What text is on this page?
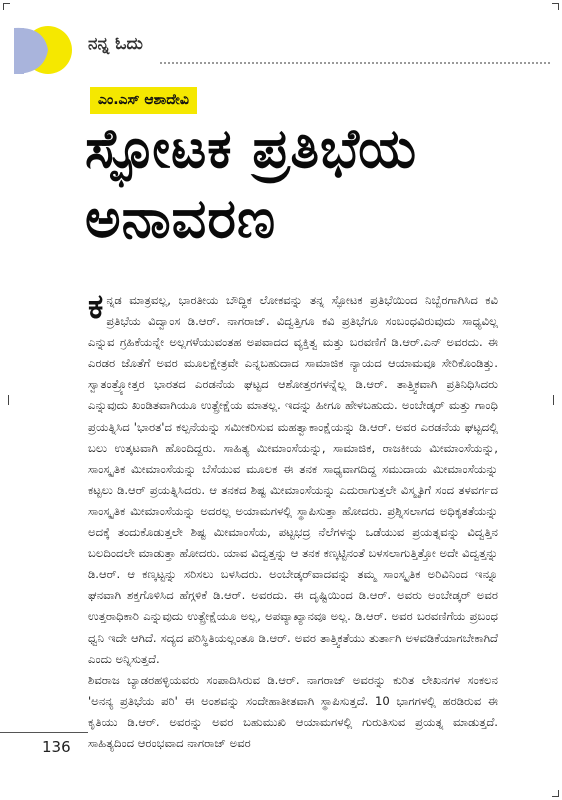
ನನ್ನ ಓದು
ಎಂ.ಎಸ್ ಆಶಾದೇವಿ
ಸ್ಫೋಟಕ ಪ್ರತಿಭೆಯ
ಅನಾವರಣ

ಕನ್ನಡ ಮಾತ್ರವಲ್ಲ, ಭಾರತೀಯ ಬೌದ್ಧಿಕ ಲೋಕವನ್ನು ತನ್ನ ಸ್ಫೋಟಕ ಪ್ರತಿಭೆಯಿಂದ ನಿಬ್ಬೆರಗಾಗಿಸಿದ ಕವಿ ಪ್ರತಿಭೆಯ ವಿದ್ವಾಂಸ ಡಿ.ಆರ್. ನಾಗರಾಜ್. ವಿದ್ವತ್ತಿಗೂ ಕವಿ ಪ್ರತಿಭೆಗೂ ಸಂಬಂಧವಿರುವುದು ಸಾಧ್ಯವಿಲ್ಲ ಎನ್ನುವ ಗ್ರಹಿಕೆಯನ್ನೇ ಅಲ್ಲಗಳೆಯುವಂತಹ ಅಪವಾದದ ವ್ಯಕ್ತಿತ್ವ ಮತ್ತು ಬರವಣಿಗೆ ಡಿ.ಆರ್.ಎನ್ ಅವರದು. ಈ ಎರಡರ ಜೊತೆಗೆ ಅವರ ಮೂಲಕ್ಷೇತ್ರವೇ ಎನ್ನಬಹುದಾದ ಸಾಮಾಜಿಕ ನ್ಯಾಯದ ಆಯಾಮವೂ ಸೇರಿಕೊಂಡಿತ್ತು. ಸ್ವಾತಂತ್ರ್ಯೋತ್ತರ ಭಾರತದ ಎರಡನೆಯ ಘಟ್ಟದ ಆಶೋತ್ತರಗಳನ್ನೆಲ್ಲ ಡಿ.ಆರ್. ತಾತ್ತ್ವಿಕವಾಗಿ ಪ್ರತಿನಿಧಿಸಿದರು ಎನ್ನುವುದು ಖಂಡಿತವಾಗಿಯೂ ಉತ್ಪ್ರೇಕ್ಷೆಯ ಮಾತಲ್ಲ. ಇದನ್ನು ಹೀಗೂ ಹೇಳಬಹುದು. ಅಂಬೇಡ್ಕರ್ ಮತ್ತು ಗಾಂಧಿ ಪ್ರಯತ್ನಿಸಿದ 'ಭಾರತ'ದ ಕಲ್ಪನೆಯನ್ನು ಸಮೀಕರಿಸುವ ಮಹತ್ವಾಕಾಂಕ್ಷೆಯನ್ನು ಡಿ.ಆರ್. ಅವರ ಎರಡನೆಯ ಘಟ್ಟದಲ್ಲಿ ಬಲು ಉತ್ಕಟವಾಗಿ ಹೊಂದಿದ್ದರು. ಸಾಹಿತ್ಯ ಮೀಮಾಂಸೆಯನ್ನು, ಸಾಮಾಜಿಕ, ರಾಜಕೀಯ ಮೀಮಾಂಸೆಯನ್ನು, ಸಾಂಸ್ಕೃತಿಕ ಮೀಮಾಂಸೆಯನ್ನು ಬೆಸೆಯುವ ಮೂಲಕ ಈ ತನಕ ಸಾಧ್ಯವಾಗದಿದ್ದ ಸಮುದಾಯ ಮೀಮಾಂಸೆಯನ್ನು ಕಟ್ಟಲು ಡಿ.ಆರ್ ಪ್ರಯತ್ನಿಸಿದರು. ಆ ತನಕದ ಶಿಷ್ಟ ಮೀಮಾಂಸೆಯನ್ನು ಎದುರಾಗುತ್ತಲೇ ವಿಸ್ಮೃತಿಗೆ ಸಂದ ತಳವರ್ಗದ ಸಾಂಸ್ಕೃತಿಕ ಮೀಮಾಂಸೆಯನ್ನು ಅದರಲ್ಲ ಅಯಾಮಗಳಲ್ಲಿ ಸ್ಥಾಪಿಸುತ್ತಾ ಹೋದರು. ಪ್ರಶ್ನಿಸಲಾಗದ ಅಧಿಕೃತತೆಯನ್ನು ಅದಕ್ಕೆ ತಂದುಕೊಡುತ್ತಲೇ ಶಿಷ್ಟ ಮೀಮಾಂಸೆಯ, ಪಟ್ಟಭದ್ರ ನೆಲೆಗಳನ್ನು ಒಡೆಯುವ ಪ್ರಯತ್ನವನ್ನು ವಿದ್ವತ್ತಿನ ಬಲದಿಂದಲೇ ಮಾಡುತ್ತಾ ಹೋದರು. ಯಾವ ವಿದ್ವತ್ತನ್ನು ಆ ತನಕ ಕಣ್ಕಟ್ಟಿನಂತೆ ಬಳಸಲಾಗುತ್ತಿತ್ತೋ ಅದೇ ವಿದ್ವತ್ತನ್ನು ಡಿ.ಆರ್. ಆ ಕಣ್ಕಟ್ಟನ್ನು ಸರಿಸಲು ಬಳಸಿದರು. ಅಂಬೇಡ್ಕರ್‌ವಾದವನ್ನು ತಮ್ಮ ಸಾಂಸ್ಕೃತಿಕ ಅರಿವಿನಿಂದ ಇನ್ನೂ ಘನವಾಗಿ ಶಕ್ತಗೊಳಿಸಿದ ಹೆಗ್ಗಳಿಕೆ ಡಿ.ಆರ್. ಅವರದು. ಈ ದೃಷ್ಟಿಯಿಂದ ಡಿ.ಆರ್. ಅವರು ಅಂಬೇಡ್ಕರ್ ಅವರ ಉತ್ತರಾಧಿಕಾರಿ ಎನ್ನುವುದು ಉತ್ಪ್ರೇಕ್ಷೆಯೂ ಅಲ್ಲ, ಅಪವ್ಯಾಖ್ಯಾನವೂ ಅಲ್ಲ. ಡಿ.ಆರ್. ಅವರ ಬರವಣಿಗೆಯ ಪ್ರಬಂಧ ಧ್ವನಿ ಇದೇ ಆಗಿದೆ. ಸದ್ಯದ ಪರಿಸ್ಥಿತಿಯಲ್ಲಂತೂ ಡಿ.ಆರ್. ಅವರ ತಾತ್ತ್ವಿಕತೆಯು ತುರ್ತಾಗಿ ಅಳವಡಿಕೆಯಾಗಬೇಕಾಗಿದೆ ಎಂದು ಅನ್ನಿಸುತ್ತದೆ.

ಶಿವರಾಜ ಬ್ಯಾಡರಹಳ್ಳಿಯವರು ಸಂಪಾದಿಸಿರುವ ಡಿ.ಆರ್. ನಾಗರಾಜ್ ಅವರನ್ನು ಕುರಿತ ಲೇಖನಗಳ ಸಂಕಲನ 'ಅನನ್ಯ ಪ್ರತಿಭೆಯ ಪರಿ' ಈ ಅಂಶವನ್ನು ಸಂದೇಹಾತೀತವಾಗಿ ಸ್ಥಾಪಿಸುತ್ತದೆ. 10 ಭಾಗಗಳಲ್ಲಿ ಹರಡಿರುವ ಈ ಕೃತಿಯು ಡಿ.ಆರ್. ಅವರನ್ನು ಅವರ ಬಹುಮುಖಿ ಆಯಾಮಗಳಲ್ಲಿ ಗುರುತಿಸುವ ಪ್ರಯತ್ನ ಮಾಡುತ್ತದೆ. ಸಾಹಿತ್ಯದಿಂದ ಆರಂಭವಾದ ನಾಗರಾಜ್ ಅವರ

136
